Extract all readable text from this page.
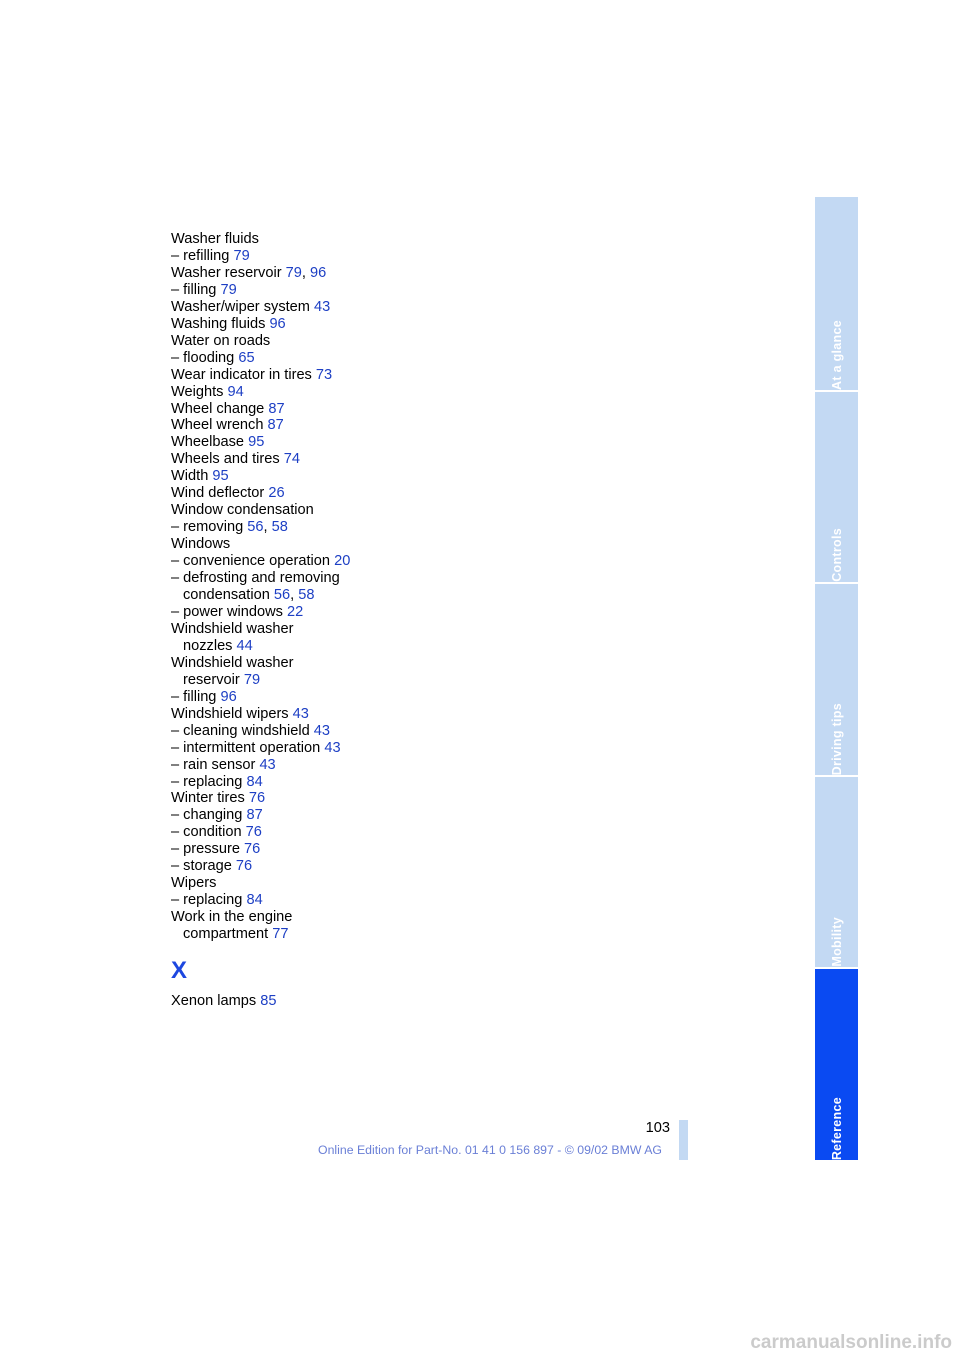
Washer fluids
– refilling 79
Washer reservoir 79, 96
– filling 79
Washer/wiper system 43
Washing fluids 96
Water on roads
– flooding 65
Wear indicator in tires 73
Weights 94
Wheel change 87
Wheel wrench 87
Wheelbase 95
Wheels and tires 74
Width 95
Wind deflector 26
Window condensation
– removing 56, 58
Windows
– convenience operation 20
– defrosting and removing
condensation 56, 58
– power windows 22
Windshield washer
nozzles 44
Windshield washer
reservoir 79
– filling 96
Windshield wipers 43
– cleaning windshield 43
– intermittent operation 43
– rain sensor 43
– replacing 84
Winter tires 76
– changing 87
– condition 76
– pressure 76
– storage 76
Wipers
– replacing 84
Work in the engine
compartment 77
X
Xenon lamps 85
103
Online Edition for Part-No. 01 41 0 156 897 - © 09/02 BMW AG
carmanualsonline.info
At a glance
Controls
Driving tips
Mobility
Reference
